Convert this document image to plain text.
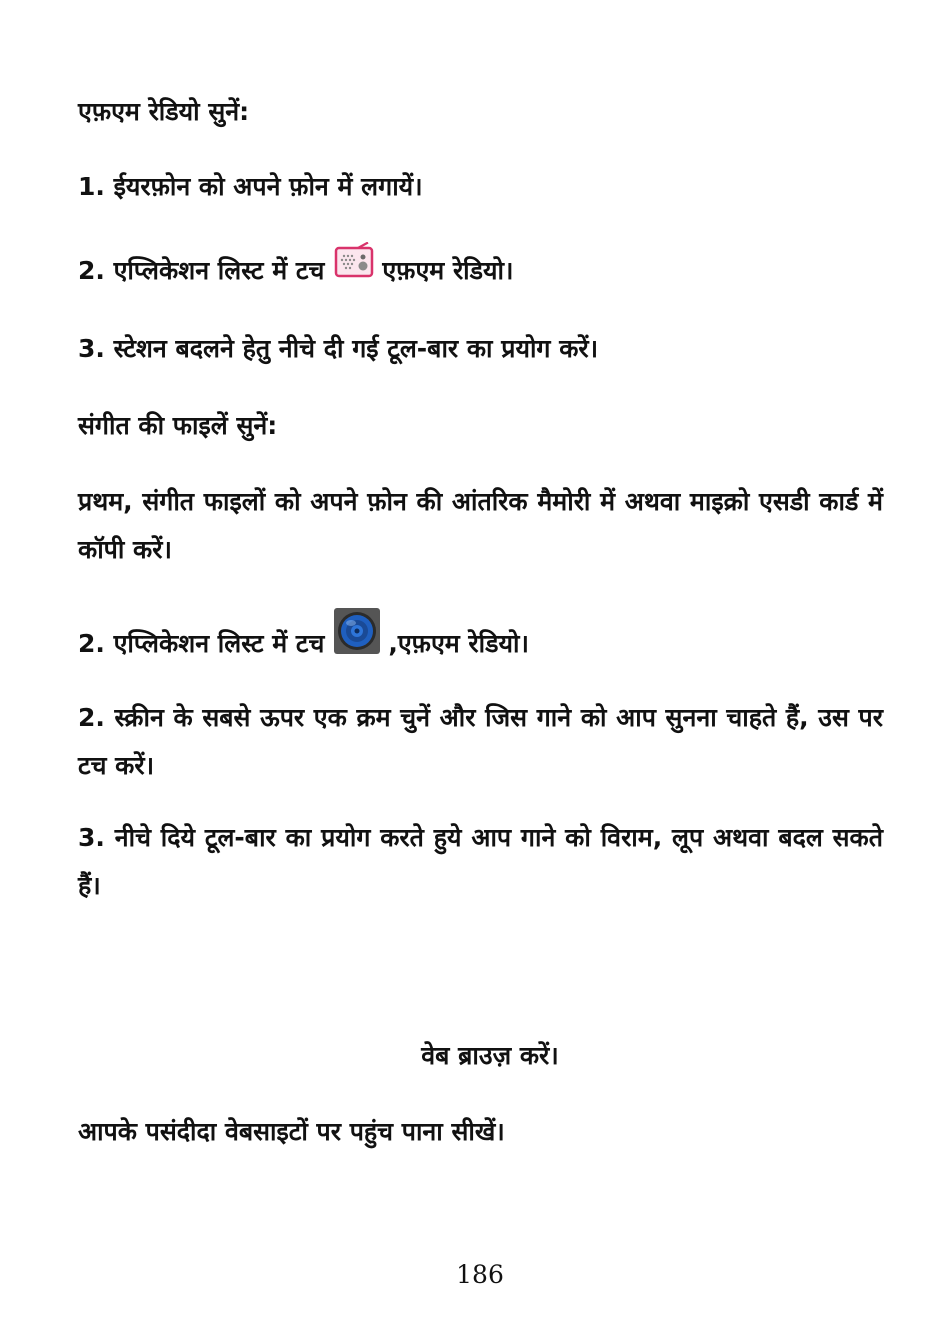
एफ़एम रेडियो सुनें:

1. ईयरफ़ोन को अपने फ़ोन में लगायें।

2. एप्लिकेशन लिस्ट में टच एफ़एम रेडियो।

3. स्टेशन बदलने हेतु नीचे दी गई टूल-बार का प्रयोग करें।

संगीत की फाइलें सुनें:

प्रथम, संगीत फाइलों को अपने फ़ोन की आंतरिक मैमोरी में अथवा माइक्रो एसडी कार्ड में कॉपी करें।

2. एप्लिकेशन लिस्ट में टच	,एफ़एम रेडियो।

2. स्क्रीन के सबसे ऊपर एक क्रम चुनें और जिस गाने को आप सुनना चाहते हैं, उस पर टच करें।

3. नीचे दिये टूल-बार का प्रयोग करते हुये आप गाने को विराम, लूप अथवा बदल सकते हैं।

वेब ब्राउज़ करें।

आपके पसंदीदा वेबसाइटों पर पहुंच पाना सीखें।

186
